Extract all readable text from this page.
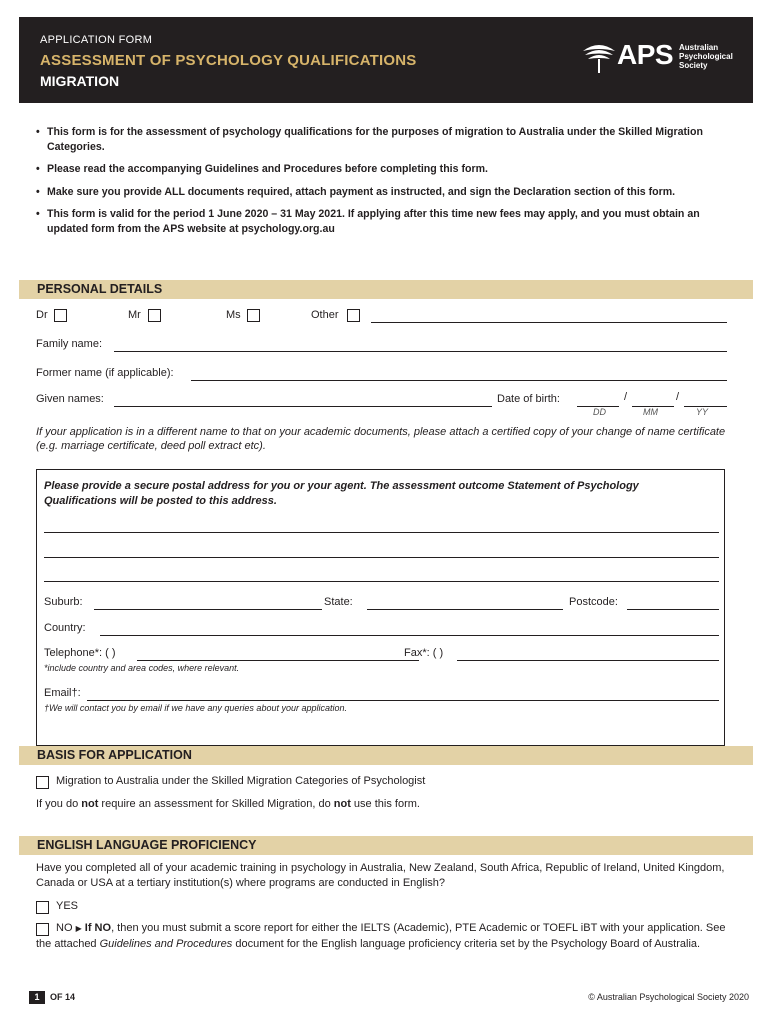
APPLICATION FORM
ASSESSMENT OF PSYCHOLOGY QUALIFICATIONS
MIGRATION
APS Australian Psychological Society
• This form is for the assessment of psychology qualifications for the purposes of migration to Australia under the Skilled Migration Categories.
• Please read the accompanying Guidelines and Procedures before completing this form.
• Make sure you provide ALL documents required, attach payment as instructed, and sign the Declaration section of this form.
• This form is valid for the period 1 June 2020 – 31 May 2021. If applying after this time new fees may apply, and you must obtain an updated form from the APS website at psychology.org.au
PERSONAL DETAILS
Dr	Mr	Ms	Other
Family name:
Former name (if applicable):
Given names:	Date of birth:	/	/
DD	MM	YY
If your application is in a different name to that on your academic documents, please attach a certified copy of your change of name certificate (e.g. marriage certificate, deed poll extract etc).
Please provide a secure postal address for you or your agent. The assessment outcome Statement of Psychology Qualifications will be posted to this address.
Suburb:	State:	Postcode:
Country:
Telephone*: ( )	Fax*: ( )
*include country and area codes, where relevant.
Email†:
†We will contact you by email if we have any queries about your application.
BASIS FOR APPLICATION
Migration to Australia under the Skilled Migration Categories of Psychologist
If you do not require an assessment for Skilled Migration, do not use this form.
ENGLISH LANGUAGE PROFICIENCY
Have you completed all of your academic training in psychology in Australia, New Zealand, South Africa, Republic of Ireland, United Kingdom, Canada or USA at a tertiary institution(s) where programs are conducted in English?
YES
NO ▶ If NO, then you must submit a score report for either the IELTS (Academic), PTE Academic or TOEFL iBT with your application. See the attached Guidelines and Procedures document for the English language proficiency criteria set by the Psychology Board of Australia.
1	OF 14	© Australian Psychological Society 2020
